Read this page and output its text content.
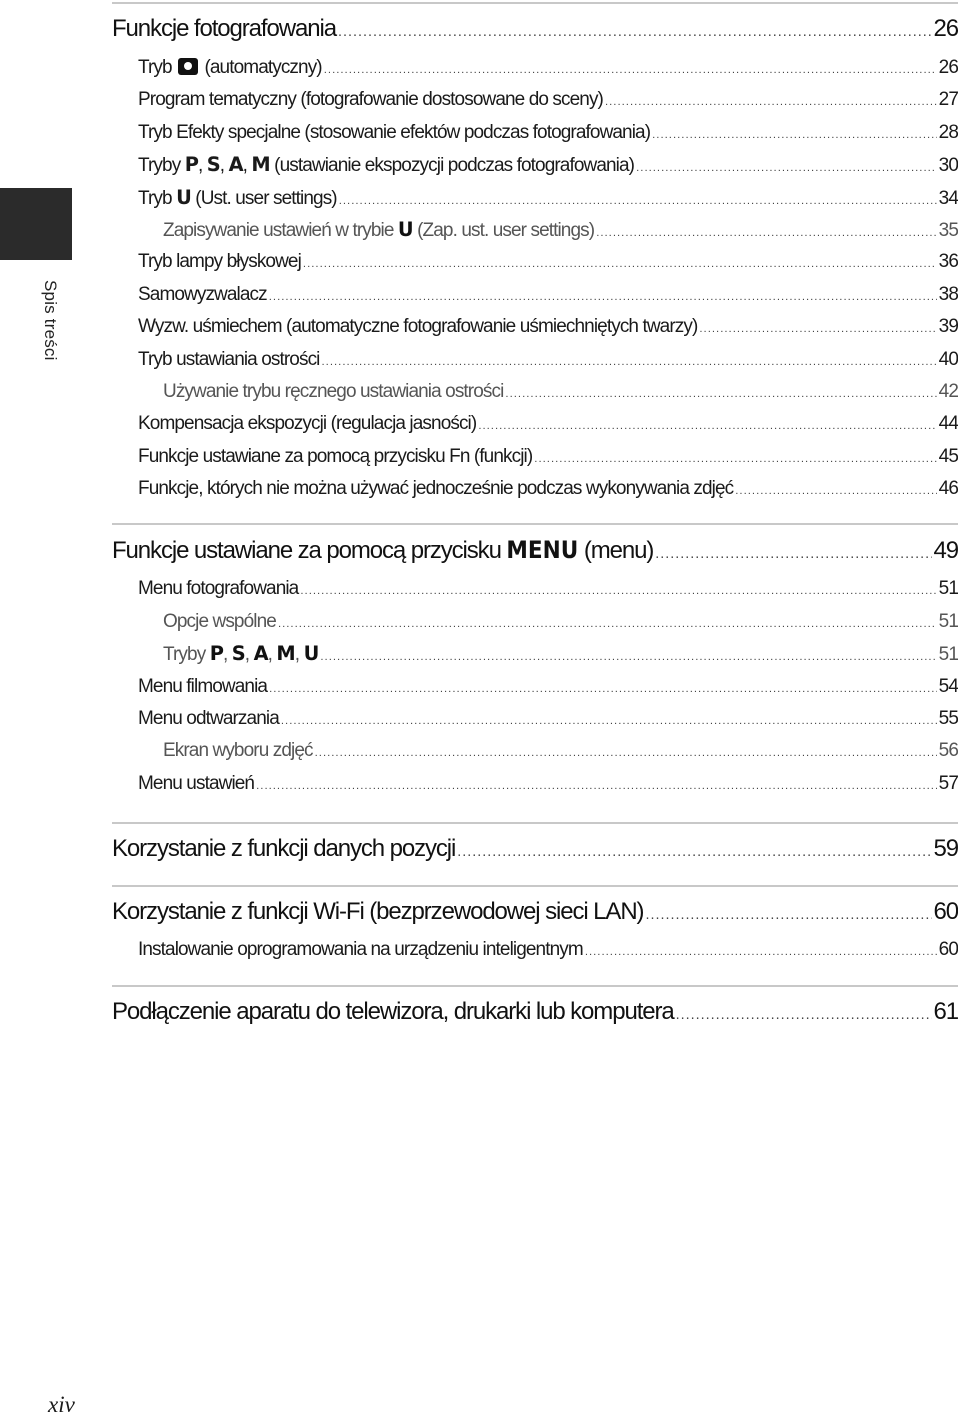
Spis treści
Funkcje fotografowania .....	26
Tryb  (automatyczny) .....	26
Program tematyczny (fotografowanie dostosowane do sceny) .....	27
Tryb Efekty specjalne (stosowanie efektów podczas fotografowania) .....	28
Tryby P, S, A, M (ustawianie ekspozycji podczas fotografowania) .....	30
Tryb U (Ust. user settings) .....	34
Zapisywanie ustawień w trybie U (Zap. ust. user settings) .....	35
Tryb lampy błyskowej .....	36
Samowyzwalacz .....	38
Wyzw. uśmiechem (automatyczne fotografowanie uśmiechniętych twarzy) .....	39
Tryb ustawiania ostrości .....	40
Używanie trybu ręcznego ustawiania ostrości .....	42
Kompensacja ekspozycji (regulacja jasności) .....	44
Funkcje ustawiane za pomocą przycisku Fn (funkcji) .....	45
Funkcje, których nie można używać jednocześnie podczas wykonywania zdjęć .....	46
Funkcje ustawiane za pomocą przycisku MENU (menu) .....	49
Menu fotografowania .....	51
Opcje wspólne .....	51
Tryby P, S, A, M, U .....	51
Menu filmowania .....	54
Menu odtwarzania .....	55
Ekran wyboru zdjęć .....	56
Menu ustawień .....	57
Korzystanie z funkcji danych pozycji .....	59
Korzystanie z funkcji Wi-Fi (bezprzewodowej sieci LAN) .....	60
Instalowanie oprogramowania na urządzeniu inteligentnym .....	60
Podłączenie aparatu do telewizora, drukarki lub komputera .....	61
xiv
